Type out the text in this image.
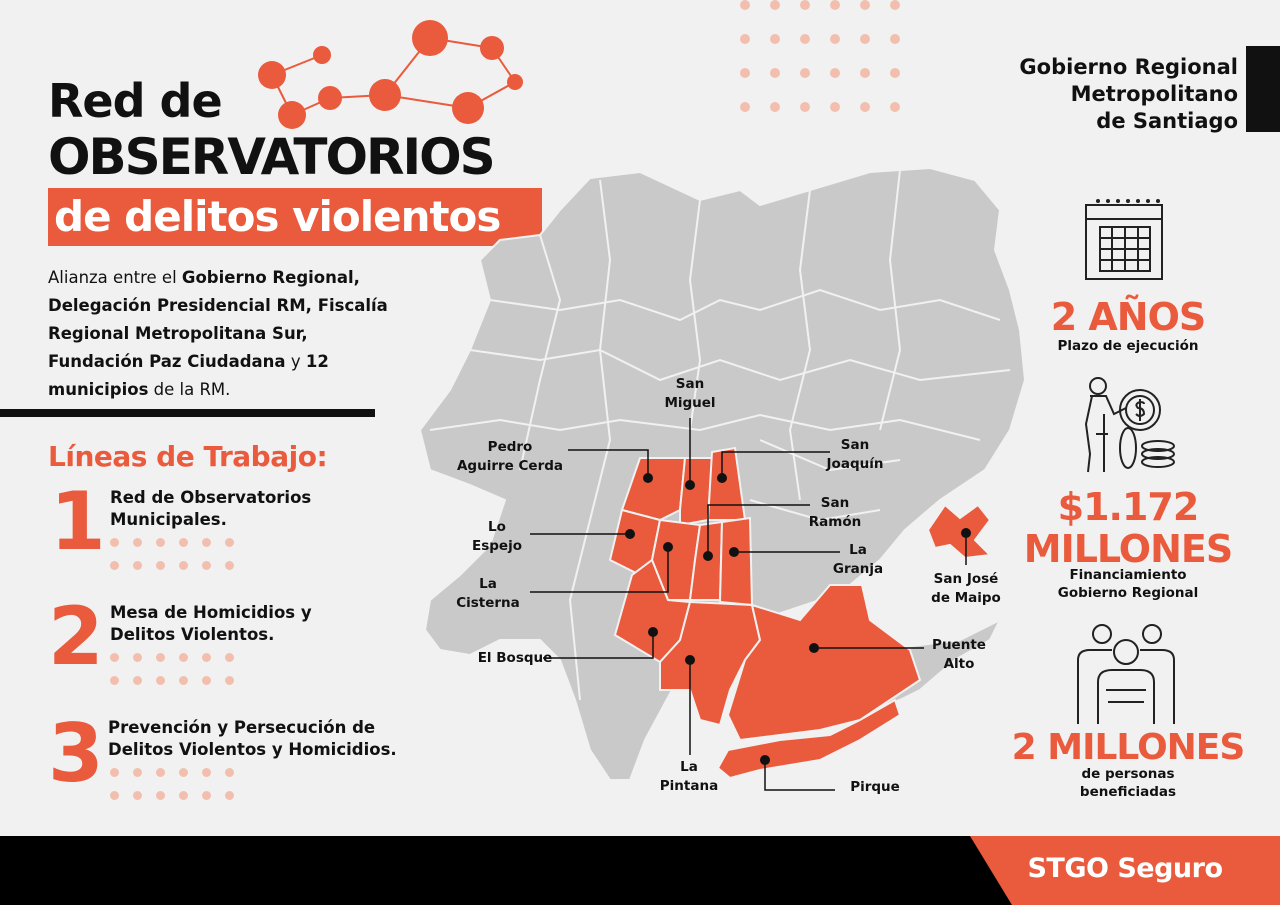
Red de
OBSERVATORIOS
de delitos violentos
Alianza entre el Gobierno Regional, Delegación Presidencial RM, Fiscalía Regional Metropolitana Sur, Fundación Paz Ciudadana y 12 municipios de la RM.
Líneas de Trabajo:
1 Red de Observatorios Municipales.
2 Mesa de Homicidios y Delitos Violentos.
3 Prevención y Persecución de Delitos Violentos y Homicidios.
Gobierno Regional
Metropolitano
de Santiago
San
Miguel
Pedro
Aguirre Cerda
San
Joaquín
San
Ramón
Lo
Espejo	La
Granja
La
Cisterna
San José
de Maipo
El Bosque
Puente
Alto
La
Pintana	Pirque
2 AÑOS
Plazo de ejecución
$1.172
MILLONES
Financiamiento
Gobierno Regional
2 MILLONES
de personas
beneficiadas
STGO Seguro
